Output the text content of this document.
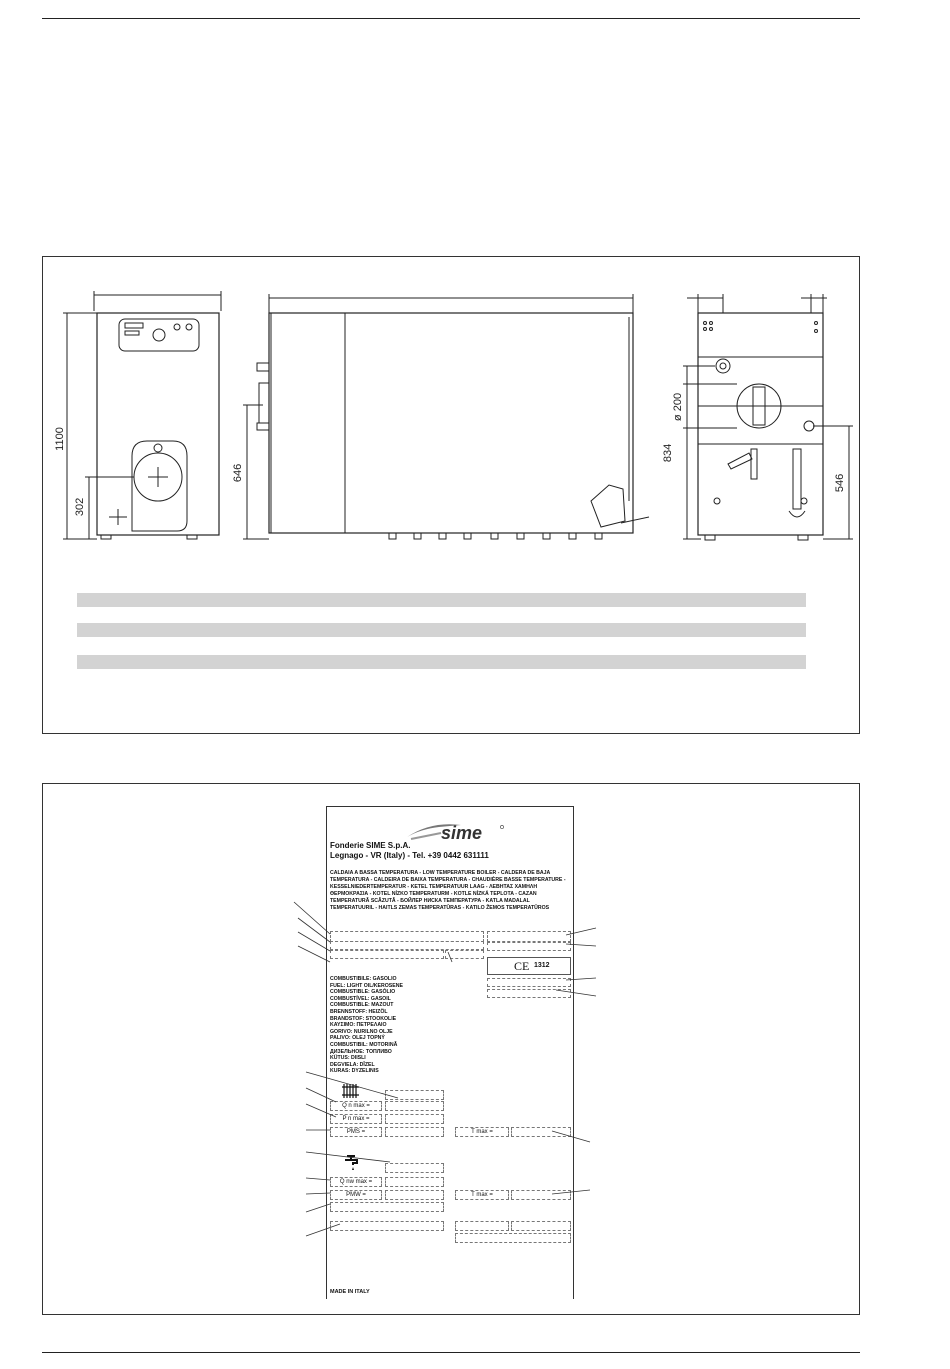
1100
302
646
ø 200
834
546
sime
Fonderie SIME S.p.A.
Legnago - VR (Italy) - Tel. +39 0442 631111
CALDAIA A BASSA TEMPERATURA - LOW TEMPERATURE BOILER - CALDERA DE BAJA TEMPERATURA - CALDEIRA DE BAIXA TEMPERATURA - CHAUDIÈRE BASSE TEMPERATURE - KESSELNIEDERTEMPERATUR - KETEL TEMPERATUUR LAAG - ΛΕΒΗΤΑΣ ΧΑΜΗΛΗ ΘΕΡΜΟΚΡΑΣΙΑ - KOTEL NÍZKO TEMPERATURM - KOTLE NÍZKÁ TEPLOTA - CAZAN TEMPERATURĂ SCĂZUTĂ - БОЙЛЕР НИСКА ТЕМПЕРАТУРА - KATLA MADALAL TEMPERATUURIL - HAITLS ZEMAS TEMPERATŪRAS - KATILO ŽEMOS TEMPERATŪROS
CE 1312
COMBUSTIBILE: GASOLIO
FUEL: LIGHT OIL/KEROSENE
COMBUSTIBLE: GASÓLIO
COMBUSTÍVEL: GASOIL
COMBUSTIBLE: MAZOUT
BRENNSTOFF: HEIZÖL
BRANDSTOF: STOOKOLIE
ΚΑΥΣΙΜΟ: ΠΕΤΡΕΛΑΙΟ
GORIVO: NURILNO OLJE
PALIVO: OLEJ TOPNÝ
COMBUSTIBIL: MOTORINĂ
ДИЗЕЛЬНОЕ: ТОПЛИВО
KÜTUS: DIISLI
DEGVIELA: DĪZEL
KURAS: DYZELINIS
Q n max =
P n max =
PMS =	T max =
Q nw max =
PMW =	T max =
MADE IN ITALY
